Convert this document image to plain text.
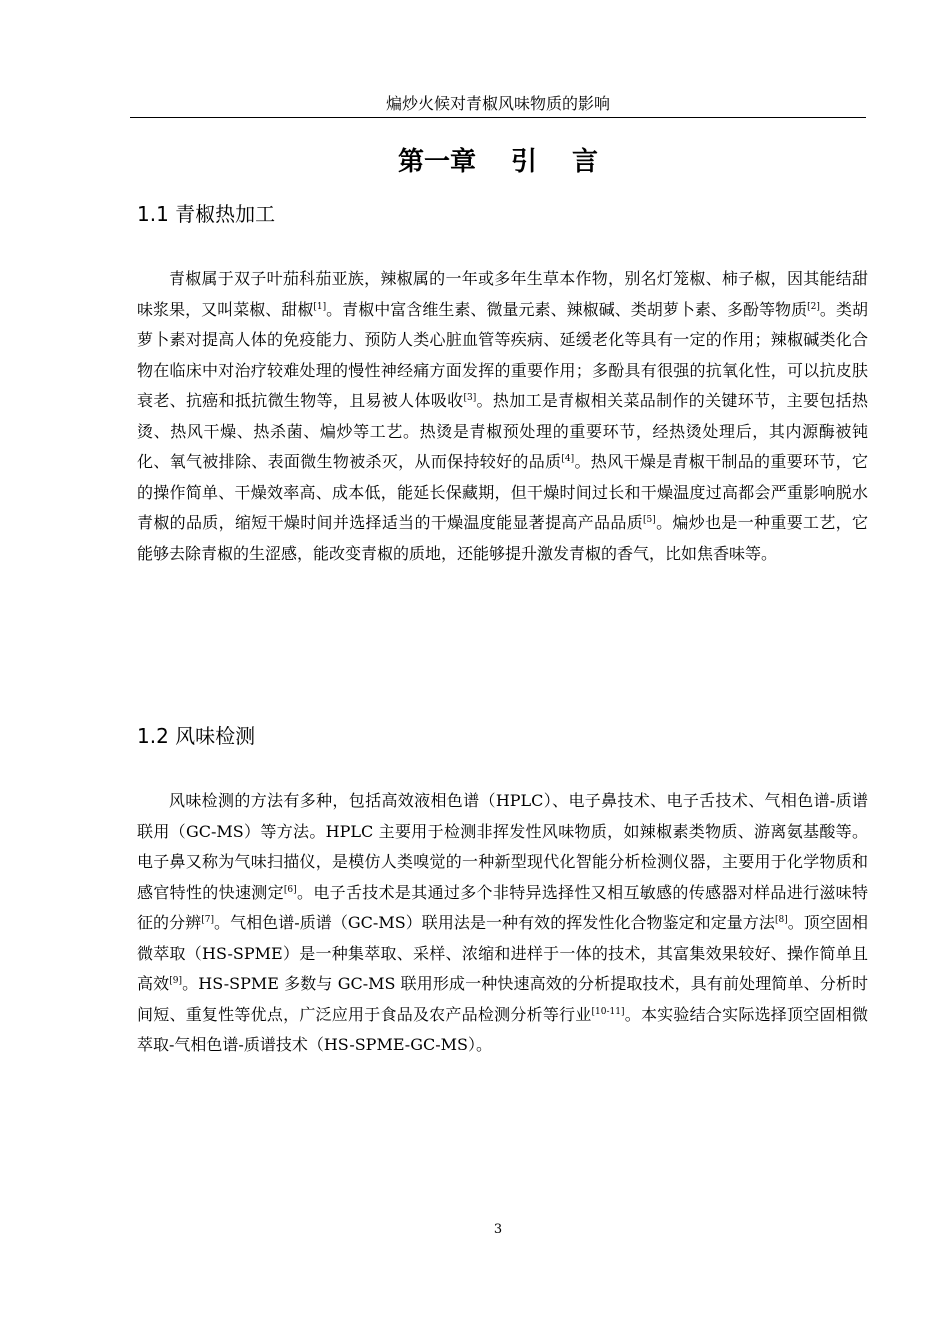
煸炒火候对青椒风味物质的影响
第一章 引 言
1.1 青椒热加工

青椒属于双子叶茄科茄亚族，辣椒属的一年或多年生草本作物，别名灯笼椒、柿子椒，因其能结甜味浆果，又叫菜椒、甜椒[1]。青椒中富含维生素、微量元素、辣椒碱、类胡萝卜素、多酚等物质[2]。类胡萝卜素对提高人体的免疫能力、预防人类心脏血管等疾病、延缓老化等具有一定的作用；辣椒碱类化合物在临床中对治疗较难处理的慢性神经痛方面发挥的重要作用；多酚具有很强的抗氧化性，可以抗皮肤衰老、抗癌和抵抗微生物等，且易被人体吸收[3]。热加工是青椒相关菜品制作的关键环节，主要包括热烫、热风干燥、热杀菌、煸炒等工艺。热烫是青椒预处理的重要环节，经热烫处理后，其内源酶被钝化、氧气被排除、表面微生物被杀灭，从而保持较好的品质[4]。热风干燥是青椒干制品的重要环节，它的操作简单、干燥效率高、成本低，能延长保藏期，但干燥时间过长和干燥温度过高都会严重影响脱水青椒的品质，缩短干燥时间并选择适当的干燥温度能显著提高产品品质[5]。煸炒也是一种重要工艺，它能够去除青椒的生涩感，能改变青椒的质地，还能够提升激发青椒的香气，比如焦香味等。

1.2 风味检测

风味检测的方法有多种，包括高效液相色谱（HPLC）、电子鼻技术、电子舌技术、气相色谱-质谱联用（GC-MS）等方法。HPLC 主要用于检测非挥发性风味物质，如辣椒素类物质、游离氨基酸等。电子鼻又称为气味扫描仪，是模仿人类嗅觉的一种新型现代化智能分析检测仪器，主要用于化学物质和感官特性的快速测定[6]。电子舌技术是其通过多个非特异选择性又相互敏感的传感器对样品进行滋味特征的分辨[7]。气相色谱-质谱（GC-MS）联用法是一种有效的挥发性化合物鉴定和定量方法[8]。顶空固相微萃取（HS-SPME）是一种集萃取、采样、浓缩和进样于一体的技术，其富集效果较好、操作简单且高效[9]。HS-SPME 多数与 GC-MS 联用形成一种快速高效的分析提取技术，具有前处理简单、分析时间短、重复性等优点，广泛应用于食品及农产品检测分析等行业[10-11]。本实验结合实际选择顶空固相微萃取-气相色谱-质谱技术（HS-SPME-GC-MS）。

3
